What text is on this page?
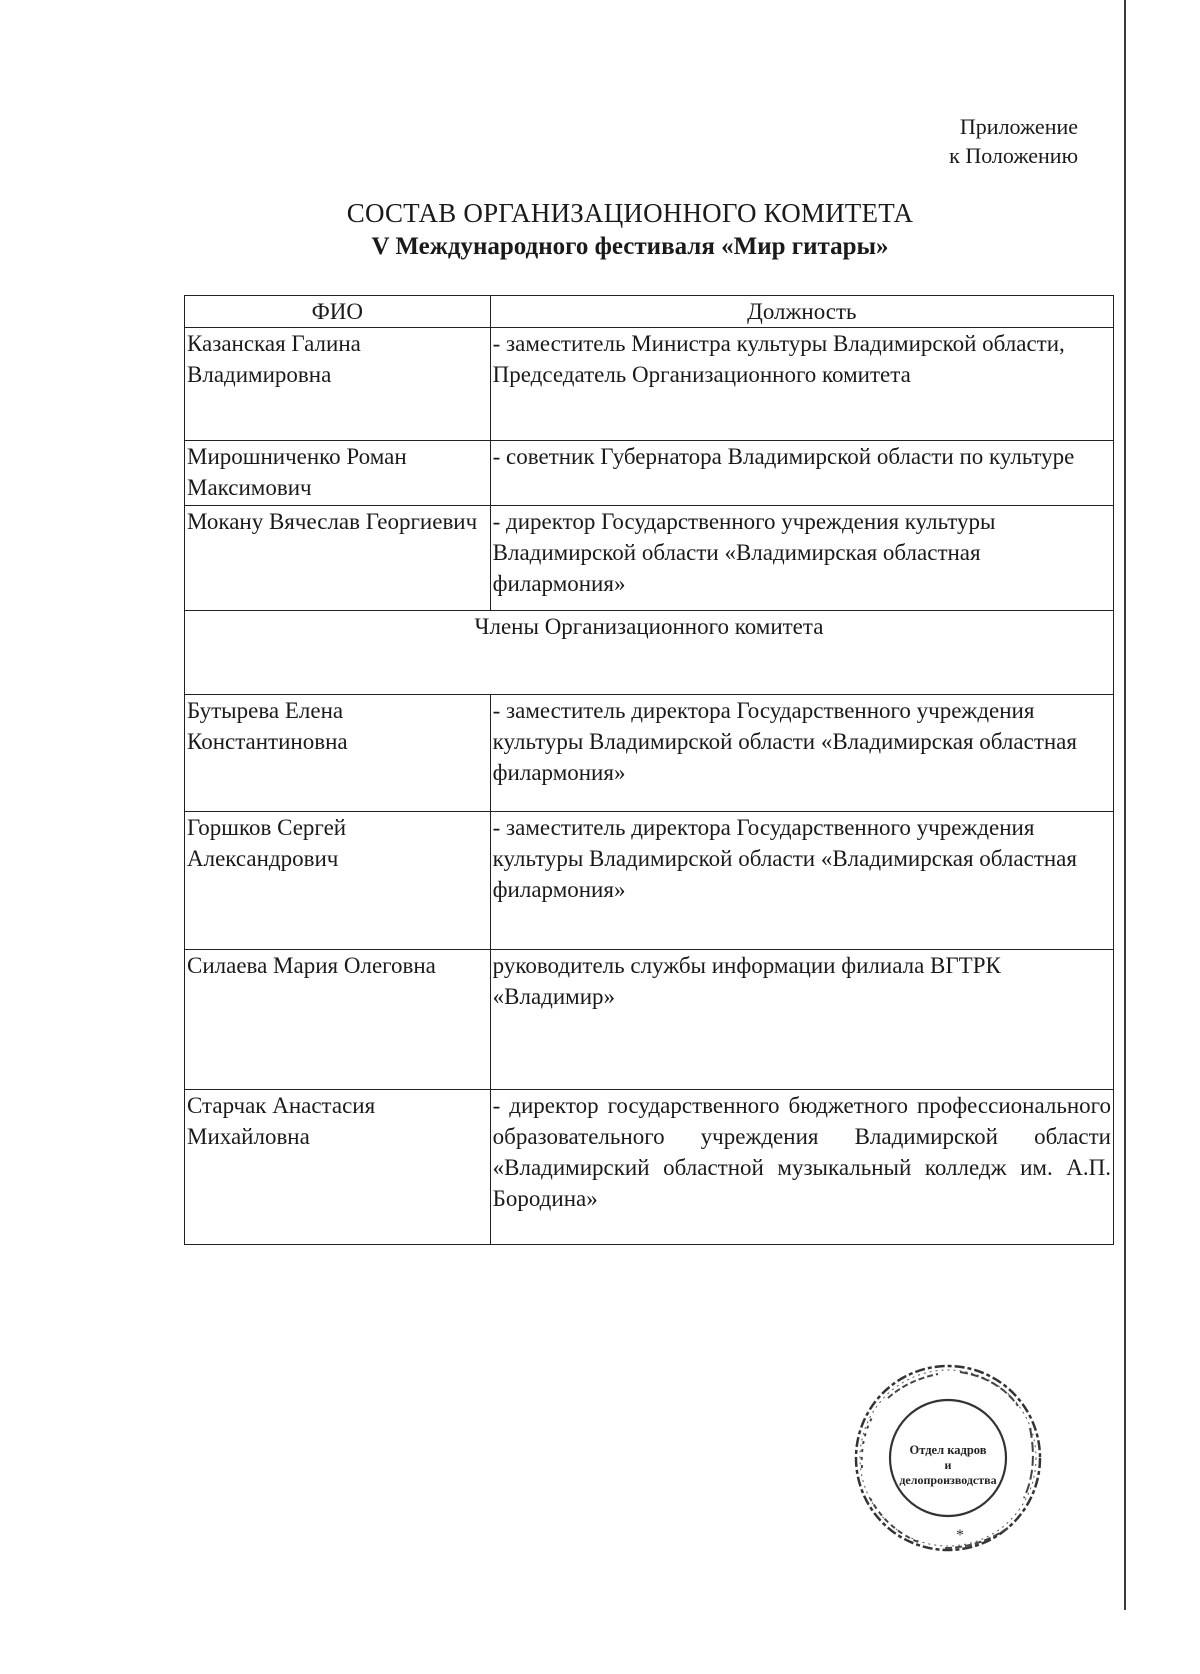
Приложение
к Положению
СОСТАВ ОРГАНИЗАЦИОННОГО КОМИТЕТА
V Международного фестиваля «Мир гитары»
ФИО	Должность
Казанская Галина Владимировна	- заместитель Министра культуры Владимирской области, Председатель Организационного комитета
Мирошниченко Роман Максимович	- советник Губернатора Владимирской области по культуре
Мокану Вячеслав Георгиевич	- директор Государственного учреждения культуры Владимирской области «Владимирская областная филармония»
Члены Организационного комитета	
Бутырева Елена Константиновна	- заместитель директора Государственного учреждения культуры Владимирской области «Владимирская областная филармония»
Горшков Сергей Александрович	- заместитель директора Государственного учреждения культуры Владимирской области «Владимирская областная филармония»
Силаева Мария Олеговна	руководитель службы информации филиала ВГТРК «Владимир»
Старчак Анастасия Михайловна	- директор государственного бюджетного профессионального образовательного учреждения Владимирской области «Владимирский областной музыкальный колледж им. А.П. Бородина»
Отдел кадров
и
делопроизводства
*
